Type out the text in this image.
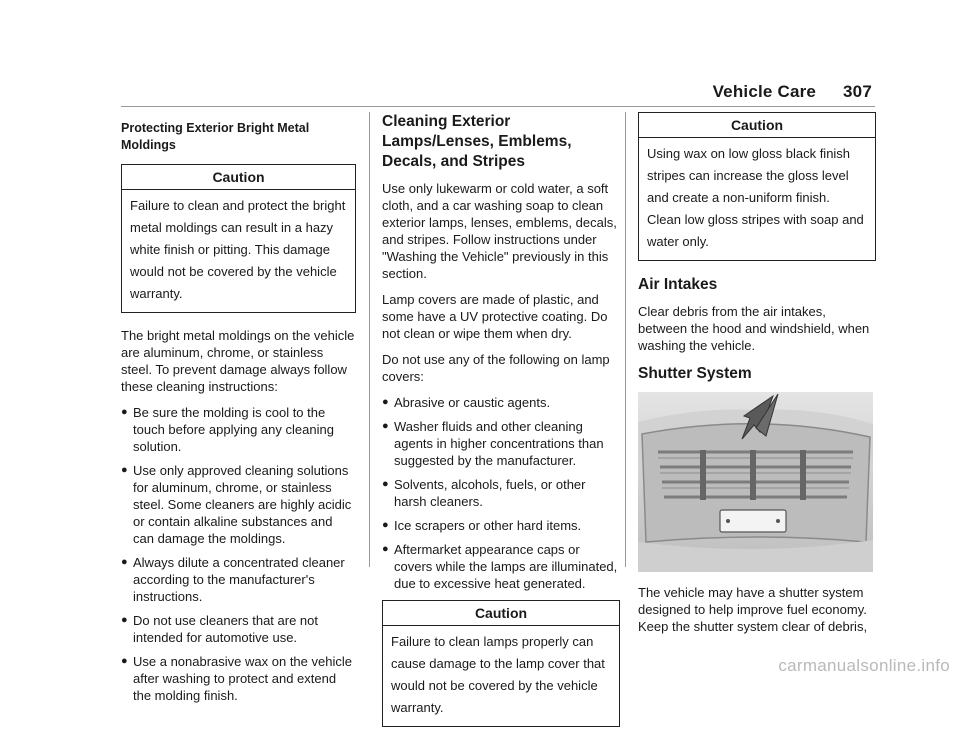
Vehicle Care 307
Protecting Exterior Bright Metal Moldings
Caution
Failure to clean and protect the bright metal moldings can result in a hazy white finish or pitting. This damage would not be covered by the vehicle warranty.

The bright metal moldings on the vehicle are aluminum, chrome, or stainless steel. To prevent damage always follow these cleaning instructions:

● Be sure the molding is cool to the touch before applying any cleaning solution.
● Use only approved cleaning solutions for aluminum, chrome, or stainless steel. Some cleaners are highly acidic or contain alkaline substances and can damage the moldings.
● Always dilute a concentrated cleaner according to the manufacturer's instructions.
● Do not use cleaners that are not intended for automotive use.
● Use a nonabrasive wax on the vehicle after washing to protect and extend the molding finish.
Cleaning Exterior Lamps/Lenses, Emblems, Decals, and Stripes

Use only lukewarm or cold water, a soft cloth, and a car washing soap to clean exterior lamps, lenses, emblems, decals, and stripes. Follow instructions under "Washing the Vehicle" previously in this section.

Lamp covers are made of plastic, and some have a UV protective coating. Do not clean or wipe them when dry.

Do not use any of the following on lamp covers:

● Abrasive or caustic agents.
● Washer fluids and other cleaning agents in higher concentrations than suggested by the manufacturer.
● Solvents, alcohols, fuels, or other harsh cleaners.
● Ice scrapers or other hard items.
● Aftermarket appearance caps or covers while the lamps are illuminated, due to excessive heat generated.
Caution
Failure to clean lamps properly can cause damage to the lamp cover that would not be covered by the vehicle warranty.
Caution
Using wax on low gloss black finish stripes can increase the gloss level and create a non-uniform finish. Clean low gloss stripes with soap and water only.
Air Intakes

Clear debris from the air intakes, between the hood and windshield, when washing the vehicle.

Shutter System

The vehicle may have a shutter system designed to help improve fuel economy. Keep the shutter system clear of debris,

carmanualsonline.info
